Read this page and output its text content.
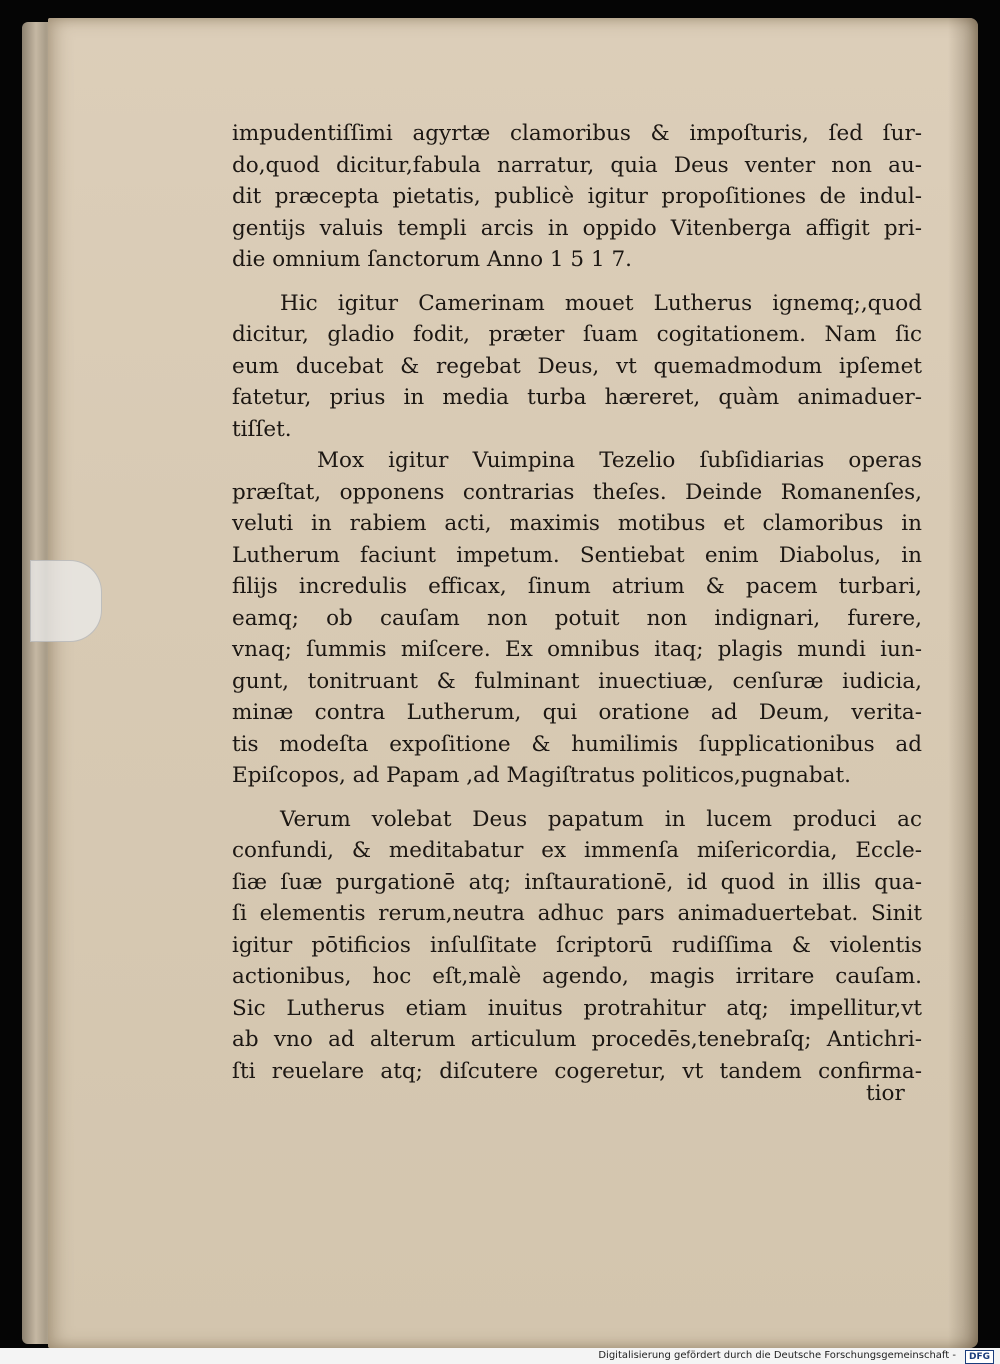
impudentiſſimi agyrtæ clamoribus & impoſturis, ſed ſur-
do,quod dicitur,fabula narratur, quia Deus venter non au-
dit præcepta pietatis, publicè igitur propoſitiones de indul-
gentijs valuis templi arcis in oppido Vitenberga affigit pri-
die omnium ſanctorum Anno 1 5 1 7.

Hic igitur Camerinam mouet Lutherus ignemq;,quod
dicitur, gladio fodit, præter ſuam cogitationem. Nam ſic
eum ducebat & regebat Deus, vt quemadmodum ipſemet
fatetur, prius in media turba hæreret, quàm animaduer-
tiſſet.

Mox igitur Vuimpina Tezelio ſubſidiarias operas
præſtat, opponens contrarias theſes. Deinde Romanenſes,
veluti in rabiem acti, maximis motibus et clamoribus in
Lutherum faciunt impetum. Sentiebat enim Diabolus, in
filijs incredulis efficax, ſinum atrium & pacem turbari,
eamq; ob cauſam non potuit non indignari, furere,
vnaq; ſummis miſcere. Ex omnibus itaq; plagis mundi iun-
gunt, tonitruant & fulminant inuectiuæ, cenſuræ iudicia,
minæ contra Lutherum, qui oratione ad Deum, verita-
tis modeſta expoſitione & humilimis ſupplicationibus ad
Epiſcopos, ad Papam ,ad Magiſtratus politicos,pugnabat.

Verum volebat Deus papatum in lucem produci ac
confundi, & meditabatur ex immenſa miſericordia, Eccle-
ſiæ ſuæ purgationē atq; inſtaurationē, id quod in illis qua-
ſi elementis rerum,neutra adhuc pars animaduertebat. Sinit
igitur pōtificios inſulſitate ſcriptorū rudiſſima & violentis
actionibus, hoc eſt,malè agendo, magis irritare cauſam.
Sic Lutherus etiam inuitus protrahitur atq; impellitur,vt
ab vno ad alterum articulum procedēs,tenebraſq; Antichri-
ſti reuelare atq; diſcutere cogeretur, vt tandem confirma-

tior
Digitalisierung gefördert durch die Deutsche Forschungsgemeinschaft -	DFG
